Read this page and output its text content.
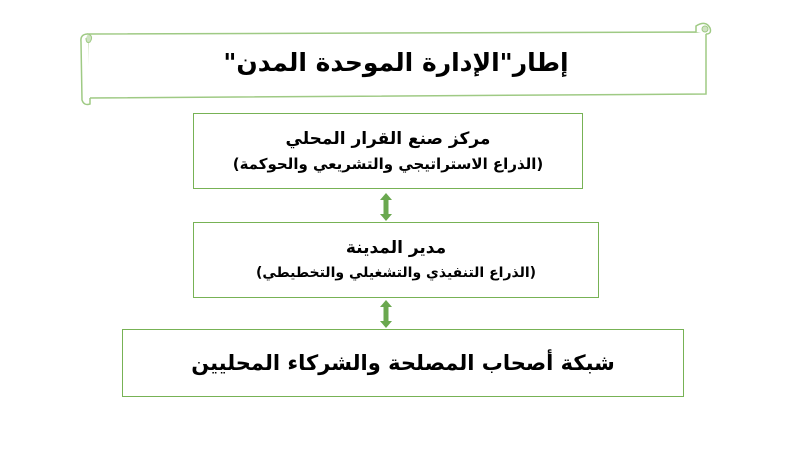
إطار"الإدارة الموحدة المدن"
مركز صنع القرار المحلي
(الذراع الاستراتيجي والتشريعي والحوكمة)
مدير المدينة
(الذراع التنفيذي والتشغيلي والتخطيطي)
شبكة أصحاب المصلحة والشركاء المحليين
